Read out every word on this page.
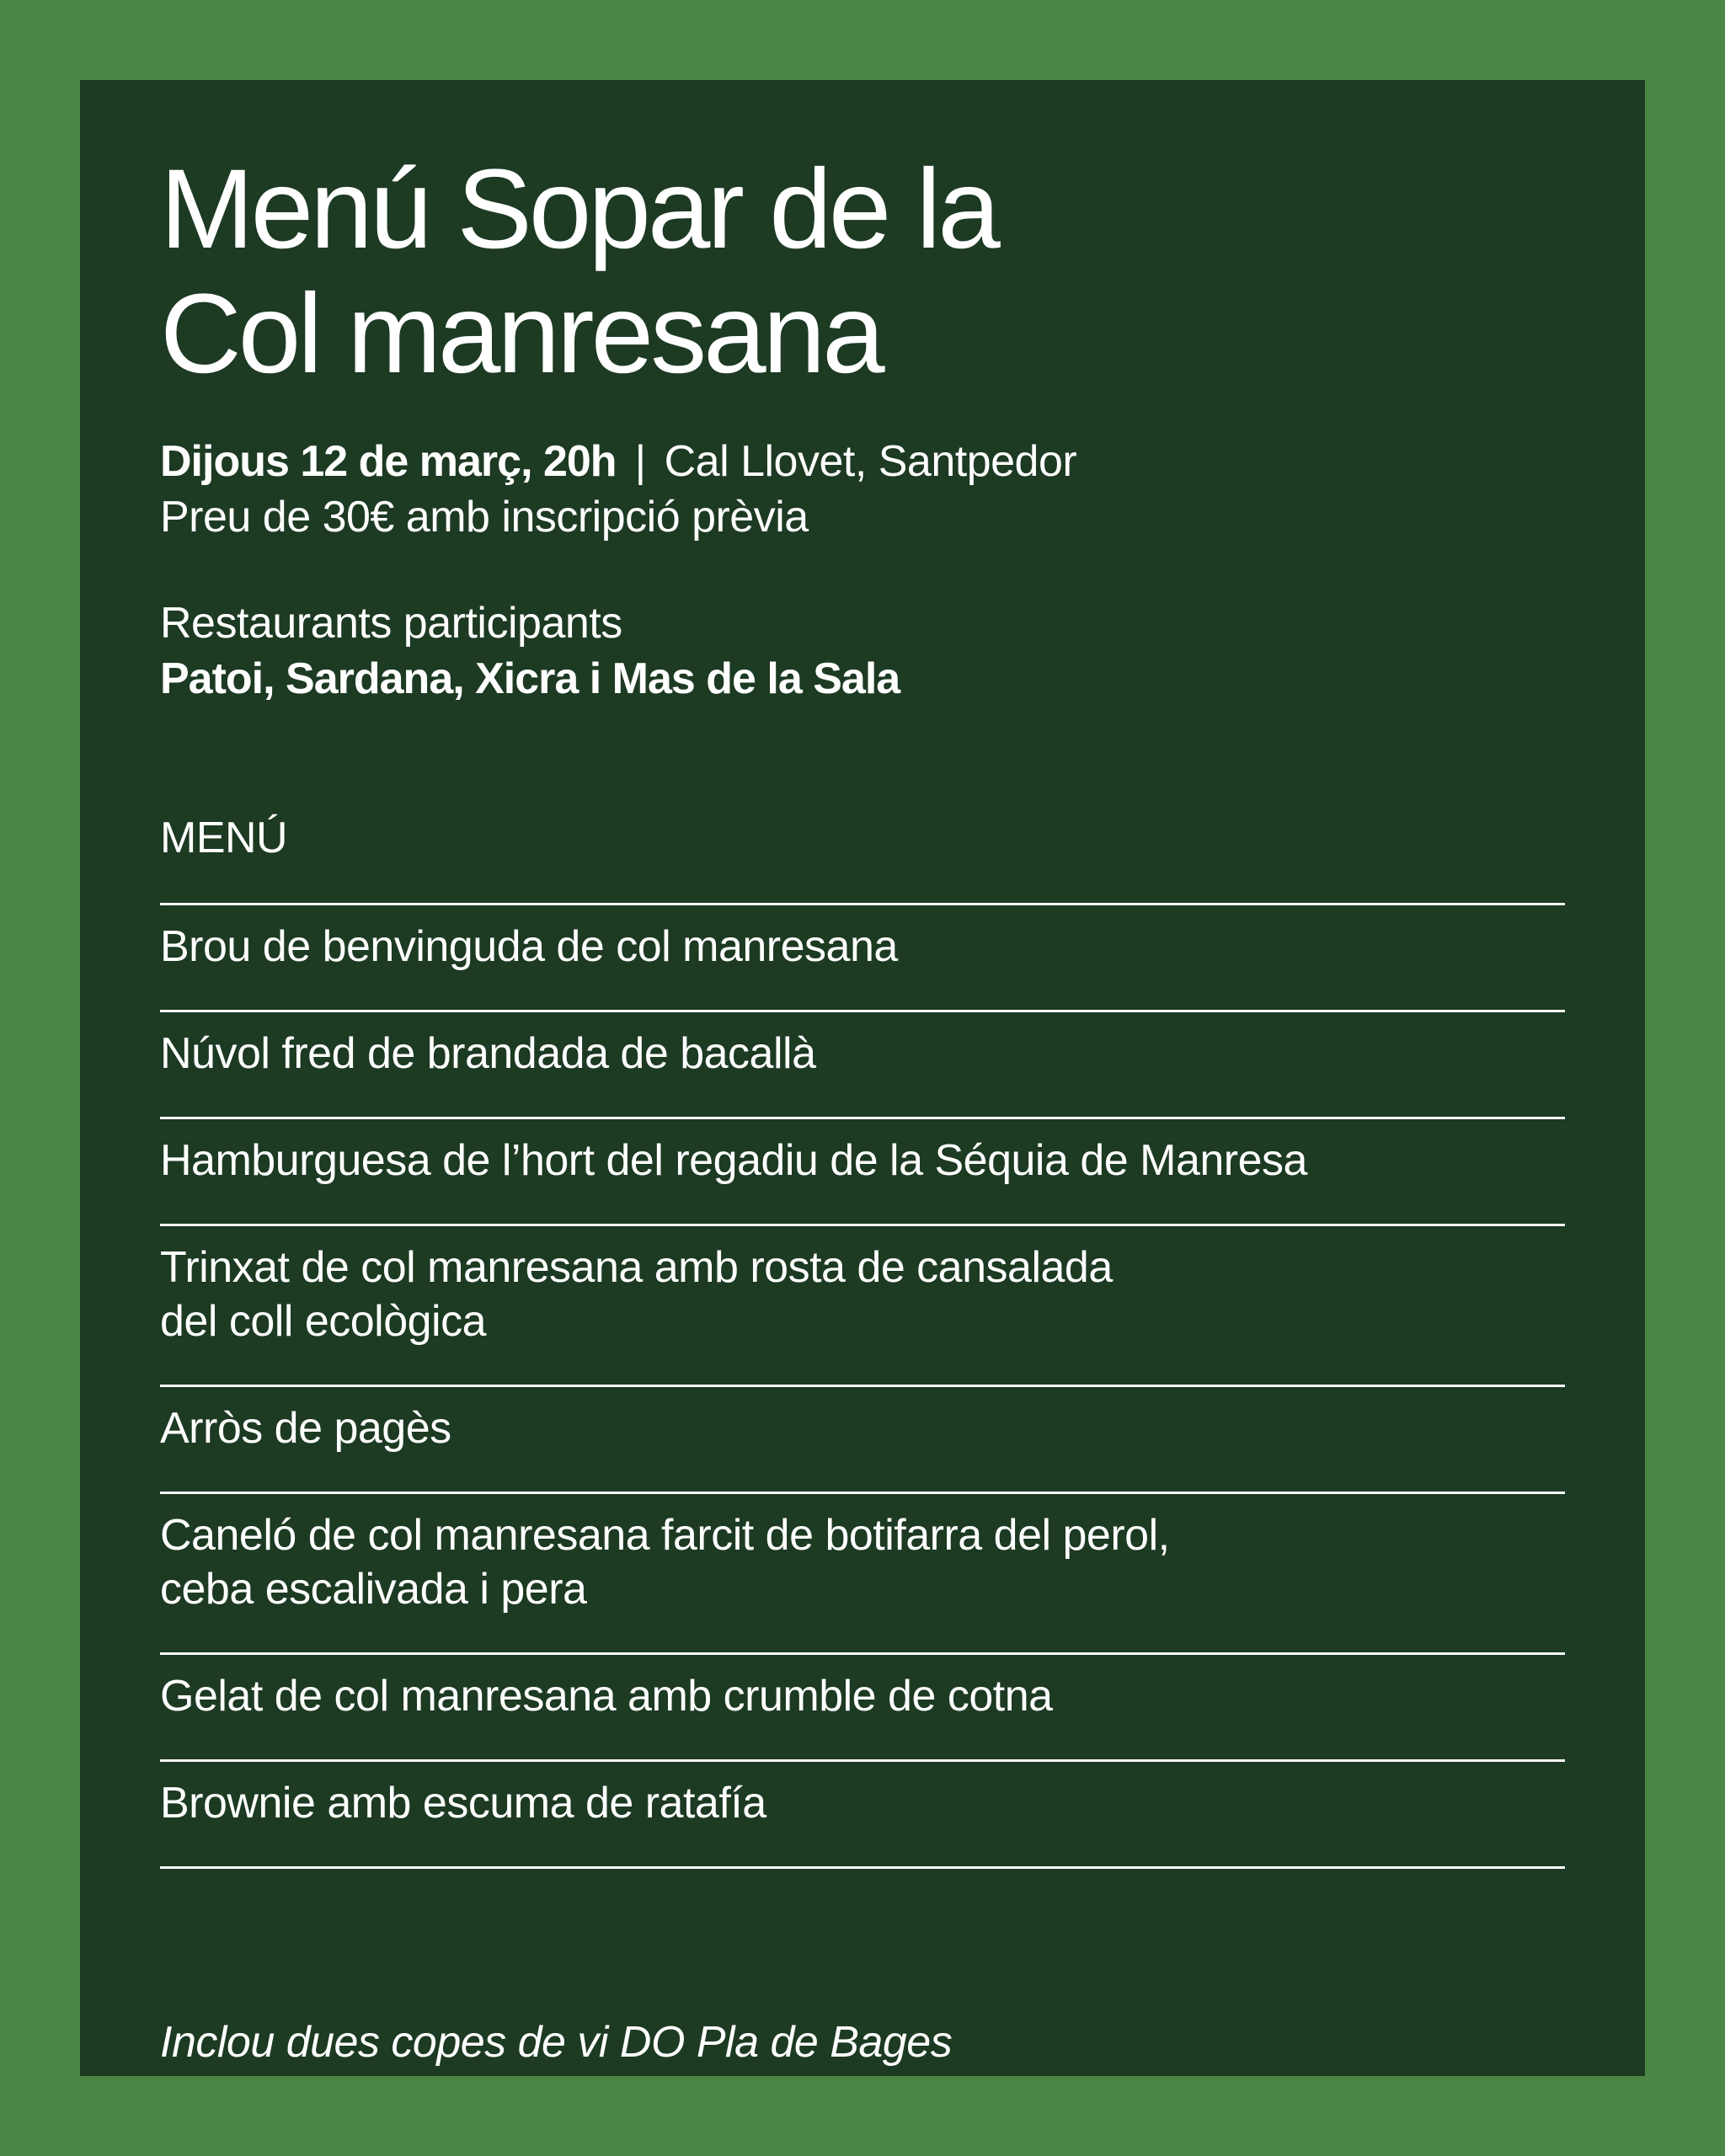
Menú Sopar de la
Col manresana
Dijous 12 de març, 20h | Cal Llovet, Santpedor
Preu de 30€ amb inscripció prèvia
Restaurants participants
Patoi, Sardana, Xicra i Mas de la Sala
MENÚ
Brou de benvinguda de col manresana
Núvol fred de brandada de bacallà
Hamburguesa de l’hort del regadiu de la Séquia de Manresa
Trinxat de col manresana amb rosta de cansalada
del coll ecològica
Arròs de pagès
Caneló de col manresana farcit de botifarra del perol,
ceba escalivada i pera
Gelat de col manresana amb crumble de cotna
Brownie amb escuma de ratafía
Inclou dues copes de vi DO Pla de Bages
